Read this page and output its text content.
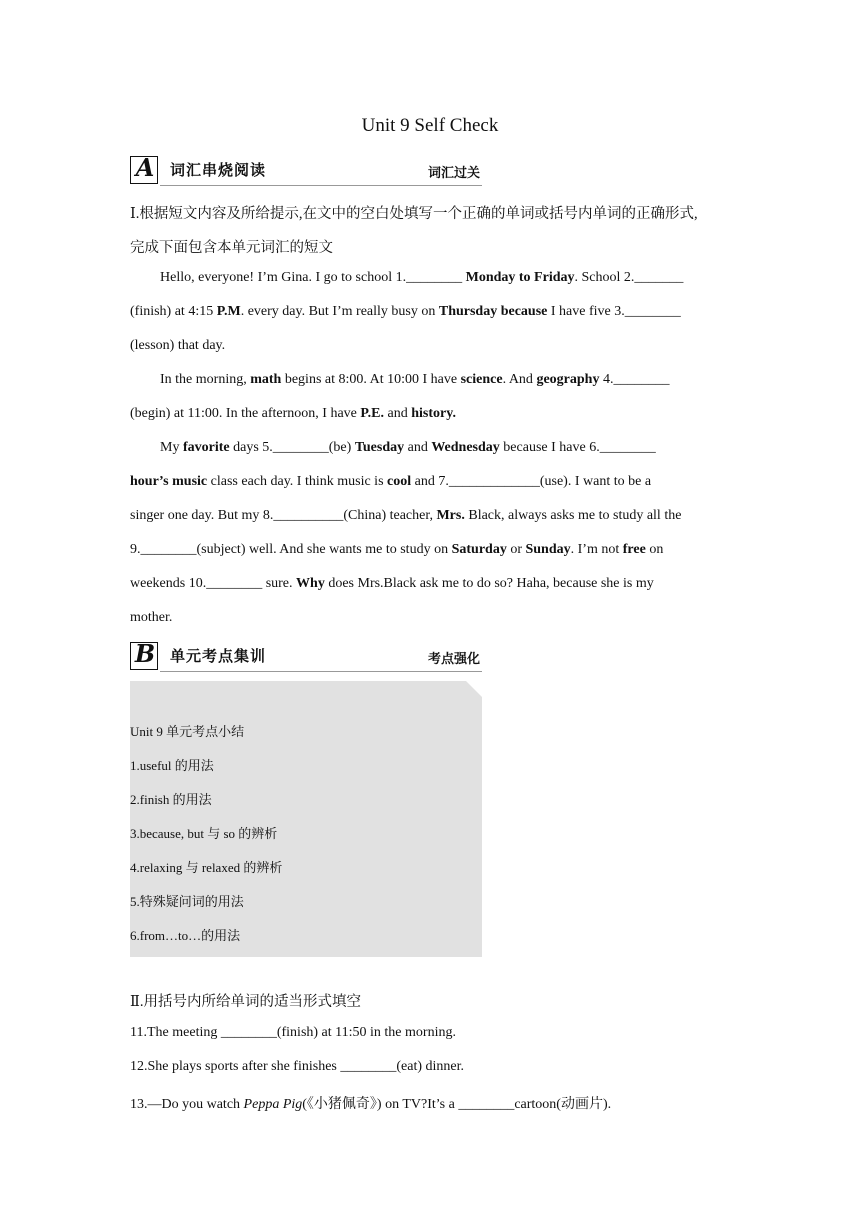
Unit 9 Self Check
A 词汇串烧阅读	词汇过关
Ⅰ.根据短文内容及所给提示,在文中的空白处填写一个正确的单词或括号内单词的正确形式,
完成下面包含本单元词汇的短文
Hello, everyone! I’m Gina. I go to school 1.________ Monday to Friday. School 2._______
(finish) at 4:15 P.M. every day. But I’m really busy on Thursday because I have five 3.________
(lesson) that day.
In the morning, math begins at 8:00. At 10:00 I have science. And geography 4.________
(begin) at 11:00. In the afternoon, I have P.E. and history.
My favorite days 5.________(be) Tuesday and Wednesday because I have 6.________
hour’s music class each day. I think music is cool and 7._____________(use). I want to be a
singer one day. But my 8.__________(China) teacher, Mrs. Black, always asks me to study all the
9.________(subject) well. And she wants me to study on Saturday or Sunday. I’m not free on
weekends 10.________ sure. Why does Mrs.Black ask me to do so? Haha, because she is my
mother.
B 单元考点集训	考点强化
Unit 9 单元考点小结
1.useful 的用法
2.finish 的用法
3.because, but 与 so 的辨析
4.relaxing 与 relaxed 的辨析
5.特殊疑问词的用法
6.from…to…的用法
Ⅱ.用括号内所给单词的适当形式填空
11.The meeting ________(finish) at 11:50 in the morning.
12.She plays sports after she finishes ________(eat) dinner.
13.—Do you watch Peppa Pig(《小猪佩奇》) on TV?It’s a ________cartoon(动画片).
